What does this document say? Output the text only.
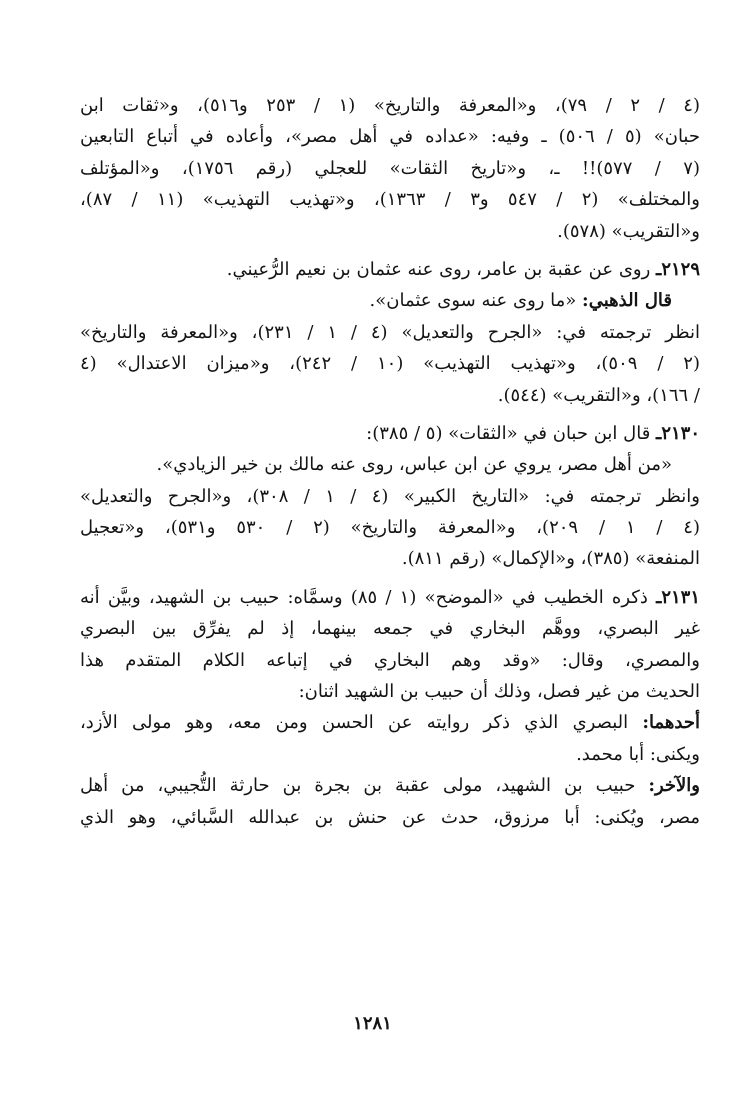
(٤ / ٢ / ٧٩)، و«المعرفة والتاريخ» (١ / ٢٥٣ و٥١٦)، و«ثقات ابن
حبان» (٥ / ٥٠٦) ـ وفيه: «عداده في أهل مصر»، وأعاده في أتباع التابعين
(٧ / ٥٧٧)!! ـ، و«تاريخ الثقات» للعجلي (رقم ١٧٥٦)، و«المؤتلف
والمختلف» (٢ / ٥٤٧ و٣ / ١٣٦٣)، و«تهذيب التهذيب» (١١ / ٨٧)،
و«التقريب» (٥٧٨).
٢١٢٩ـ روى عن عقبة بن عامر، روى عنه عثمان بن نعيم الرُّعيني.
قال الذهبي: «ما روى عنه سوى عثمان».
انظر ترجمته في: «الجرح والتعديل» (٤ / ١ / ٢٣١)، و«المعرفة والتاريخ»
(٢ / ٥٠٩)، و«تهذيب التهذيب» (١٠ / ٢٤٢)، و«ميزان الاعتدال» (٤
/ ١٦٦)، و«التقريب» (٥٤٤).
٢١٣٠ـ قال ابن حبان في «الثقات» (٥ / ٣٨٥):
«من أهل مصر، يروي عن ابن عباس، روى عنه مالك بن خير الزيادي».
وانظر ترجمته في: «التاريخ الكبير» (٤ / ١ / ٣٠٨)، و«الجرح والتعديل»
(٤ / ١ / ٢٠٩)، و«المعرفة والتاريخ» (٢ / ٥٣٠ و٥٣١)، و«تعجيل
المنفعة» (٣٨٥)، و«الإكمال» (رقم ٨١١).
٢١٣١ـ ذكره الخطيب في «الموضح» (١ / ٨٥) وسمَّاه: حبيب بن الشهيد، وبيَّن أنه
غير البصري، ووهَّم البخاري في جمعه بينهما، إذ لم يفرِّق بين البصري
والمصري، وقال: «وقد وهم البخاري في إتباعه الكلام المتقدم هذا
الحديث من غير فصل، وذلك أن حبيب بن الشهيد اثنان:
أحدهما: البصري الذي ذكر روايته عن الحسن ومن معه، وهو مولى الأزد،
ويكنى: أبا محمد.
والآخر: حبيب بن الشهيد، مولى عقبة بن بجرة بن حارثة التُّجيبي، من أهل
مصر، ويُكنى: أبا مرزوق، حدث عن حنش بن عبدالله السَّبائي، وهو الذي
١٢٨١
